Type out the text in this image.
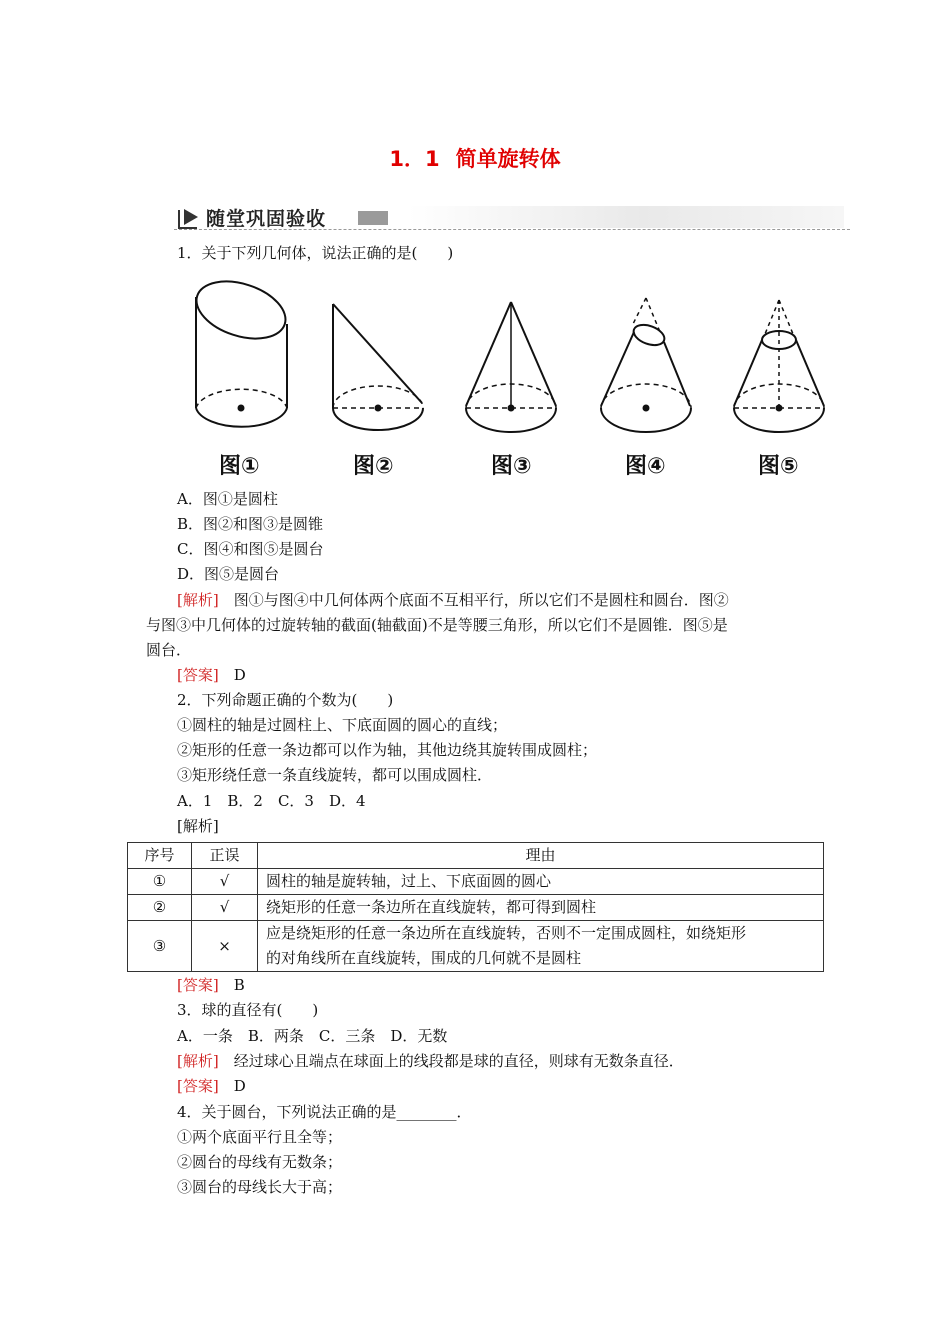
1．1 简单旋转体
随堂巩固验收
1．关于下列几何体，说法正确的是(　　)
图①	图②	图③	图④	图⑤
A．图①是圆柱
B．图②和图③是圆锥
C．图④和图⑤是圆台
D．图⑤是圆台
[解析]　图①与图④中几何体两个底面不互相平行，所以它们不是圆柱和圆台．图②
与图③中几何体的过旋转轴的截面(轴截面)不是等腰三角形，所以它们不是圆锥．图⑤是
圆台．
[答案]　 D
2．下列命题正确的个数为(　　)
①圆柱的轴是过圆柱上、下底面圆的圆心的直线；
②矩形的任意一条边都可以作为轴，其他边绕其旋转围成圆柱；
③矩形绕任意一条直线旋转，都可以围成圆柱．
A．1　B．2　C．3　D．4
[解析]
序号	正误	理由
①	√	圆柱的轴是旋转轴，过上、下底面圆的圆心
②	√	绕矩形的任意一条边所在直线旋转，都可得到圆柱
③	×	应是绕矩形的任意一条边所在直线旋转，否则不一定围成圆柱，如绕矩形
的对角线所在直线旋转，围成的几何就不是圆柱
[答案]　 B
3．球的直径有(　　)
A．一条　B．两条　C．三条　D．无数
[解析]　经过球心且端点在球面上的线段都是球的直径，则球有无数条直径．
[答案]　 D
4．关于圆台，下列说法正确的是________．
①两个底面平行且全等；
②圆台的母线有无数条；
③圆台的母线长大于高；
